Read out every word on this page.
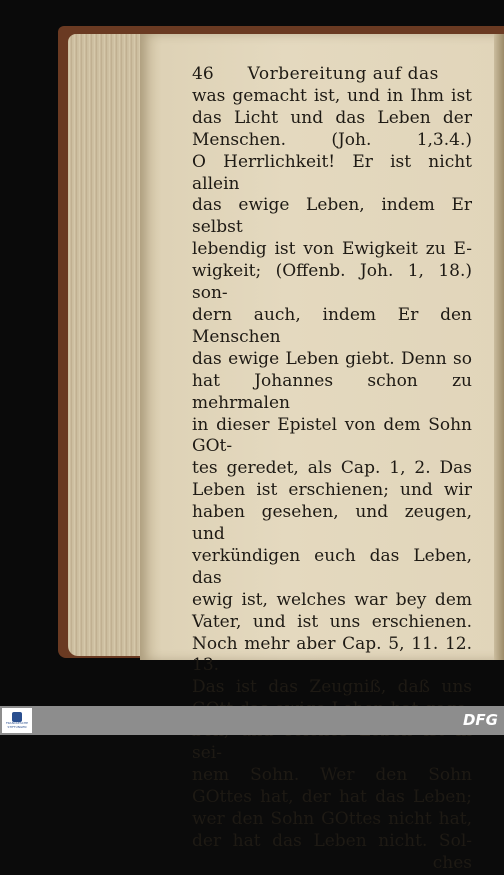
46 Vorbereitung auf das
was gemacht ist, und in Ihm ist
das Licht und das Leben der
Menschen. (Joh. 1,3.4.)
O Herrlichkeit! Er ist nicht allein
das ewige Leben, indem Er selbst
lebendig ist von Ewigkeit zu E-
wigkeit; (Offenb. Joh. 1, 18.) son-
dern auch, indem Er den Menschen
das ewige Leben giebt. Denn so
hat Johannes schon zu mehrmalen
in dieser Epistel von dem Sohn GOt-
tes geredet, als Cap. 1, 2. Das
Leben ist erschienen; und wir
haben gesehen, und zeugen, und
verkündigen euch das Leben, das
ewig ist, welches war bey dem
Vater, und ist uns erschienen.
Noch mehr aber Cap. 5, 11. 12. 13.
Das ist das Zeugniß, daß uns
sei-
nem Sohn. Wer den Sohn
GOttes hat, der hat das Leben;
wer den Sohn GOttes nicht hat,
der hat das Leben nicht. Sol-
ches
FRANCKESCHE STIFTUNGEN	DFG
